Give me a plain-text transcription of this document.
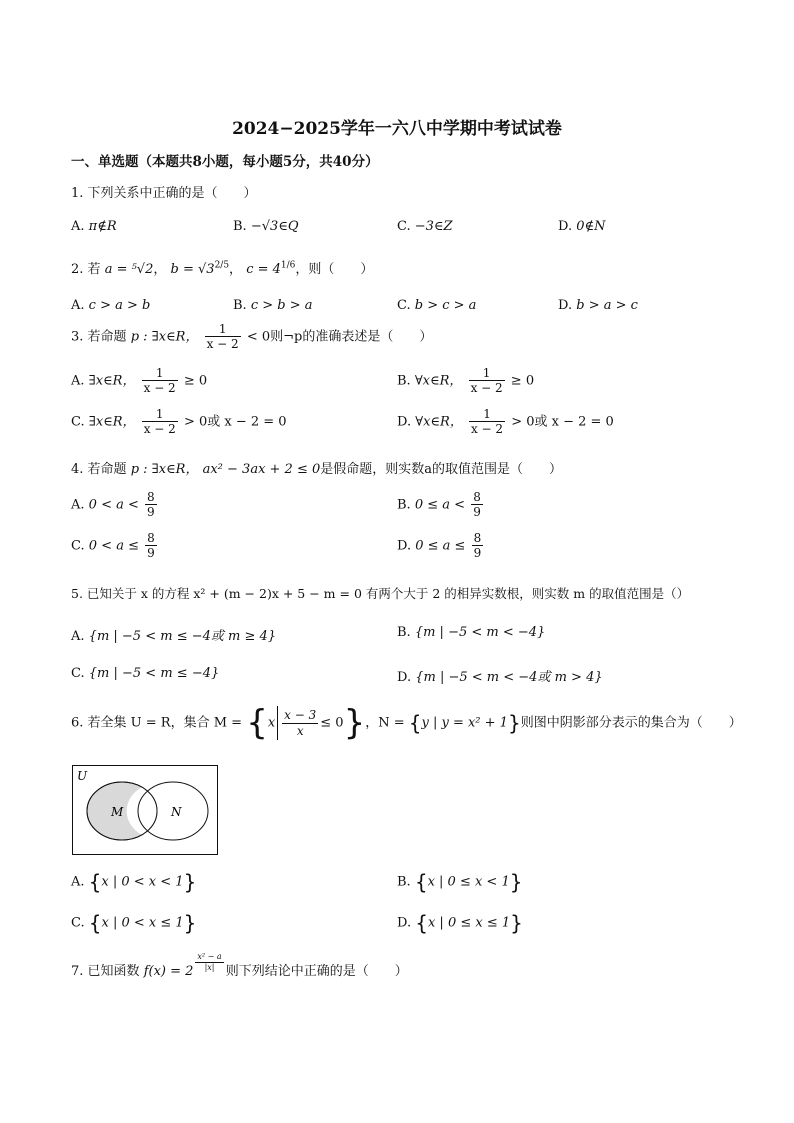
2024−2025学年一六八中学期中考试试卷
一、单选题（本题共8小题，每小题5分，共40分）
1. 下列关系中正确的是（　　）
A. π∉R	B. −√3∈Q	C. −3∈Z	D. 0∉N
2. 若 a = ⁵√2， $b = √3^{2/5}$， $c = 4^{1/6}$，则（　　）
A. c > a > b	B. c > b > a	C. b > c > a	D. b > a > c
3. 若命题 p : ∃x∈R， $\frac{1}{x - 2} < 0$则¬p的准确表述是（　　）
A. ∃x∈R， $\frac{1}{x - 2} \ge 0$	B. ∀x∈R， $\frac{1}{x - 2} \ge 0$
C. ∃x∈R， $\frac{1}{x - 2} > 0$或 x − 2 = 0	D. ∀x∈R， $\frac{1}{x - 2} > 0$或 x − 2 = 0
4. 若命题 p : ∃x∈R， ax² − 3ax + 2 ≤ 0是假命题，则实数a的取值范围是（　　）
A. $0 < a < \frac{8}{9}$	B. $0 \le a < \frac{8}{9}$
C. $0 < a \le \frac{8}{9}$	D. $0 \le a \le \frac{8}{9}$
5. 已知关于 x 的方程 x² + (m − 2)x + 5 − m = 0 有两个大于 2 的相异实数根，则实数 m 的取值范围是（）
A. {m | −5 < m ≤ −4或 m ≥ 4}	B. {m | −5 < m < −4}
C. {m | −5 < m ≤ −4}	D. {m | −5 < m < −4或 m > 4}
6. 若全集 U = R，集合 $M = \{x \frac{x - 3}{x} \le 0\}$，N = {y | y = x² + 1}则图中阴影部分表示的集合为（　　）
U
M	N
A. {x | 0 < x < 1}	B. {x | 0 ≤ x < 1}
C. {x | 0 < x ≤ 1}	D. {x | 0 ≤ x ≤ 1}
7. 已知函数 $f(x) = 2 \frac{\text{x² − a}}{|x|}$ 则下列结论中正确的是（　　）
